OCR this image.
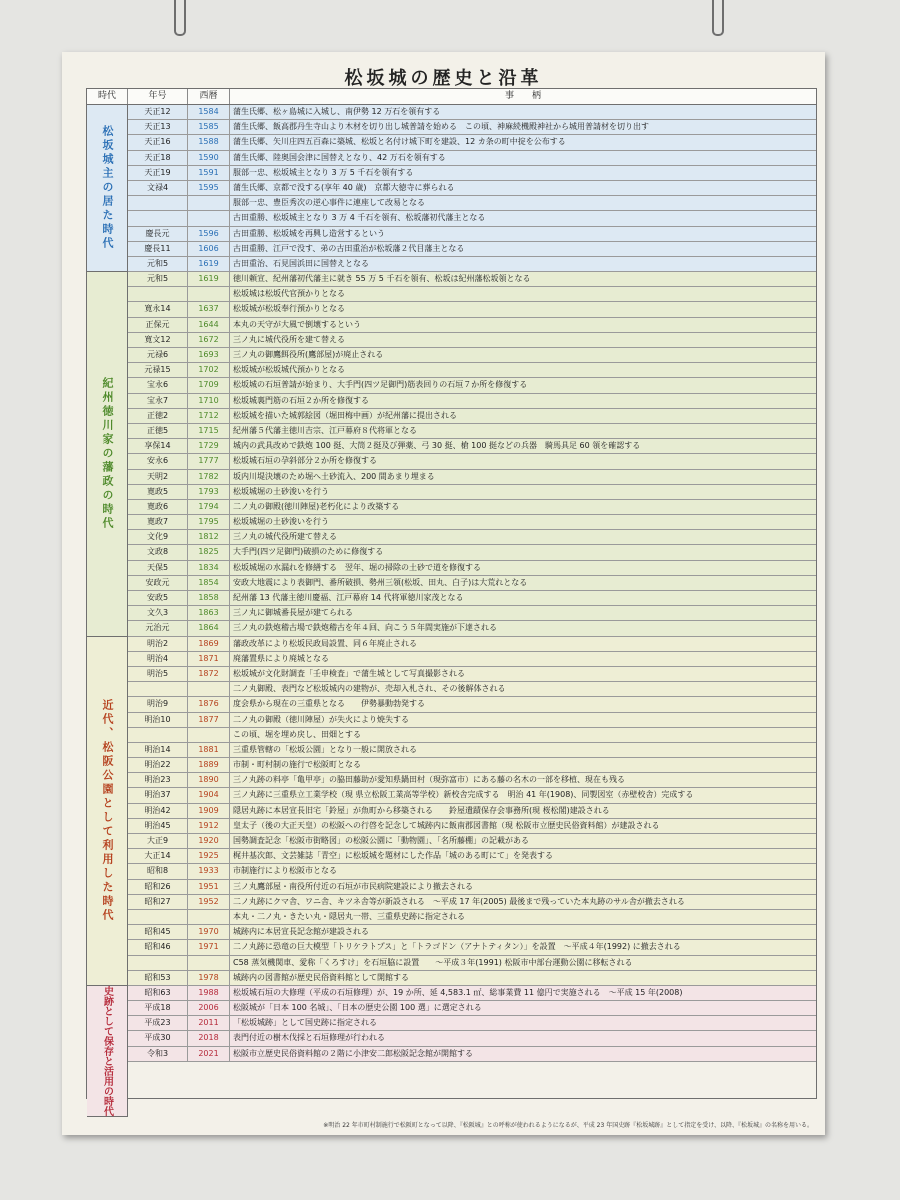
松坂城の歴史と沿革
時代	年号	西暦	事　　柄
松坂城主の居た時代
天正12	1584	蒲生氏郷、松ヶ島城に入城し、南伊勢 12 万石を領有する
天正13	1585	蒲生氏郷、飯高郡丹生寺山より木材を切り出し城普請を始める　この頃、神麻続機殿神社から城用普請材を切り出す
天正16	1588	蒲生氏郷、矢川庄四五百森に築城、松坂と名付け城下町を建設、12 カ条の町中掟を公布する
天正18	1590	蒲生氏郷、陸奥国会津に国替えとなり、42 万石を領有する
天正19	1591	服部一忠、松坂城主となり 3 万 5 千石を領有する
文禄4	1595	蒲生氏郷、京都で没する(享年 40 歳)　京都大徳寺に葬られる
服部一忠、豊臣秀次の逆心事件に連座して改易となる
古田重勝、松坂城主となり 3 万 4 千石を領有、松坂藩初代藩主となる
慶長元	1596	古田重勝、松坂城を再興し造営するという
慶長11	1606	古田重勝、江戸で没す、弟の古田重治が松坂藩２代目藩主となる
元和5	1619	古田重治、石見国浜田に国替えとなる
紀州徳川家の藩政の時代
元和5	1619	徳川頼宣、紀州藩初代藩主に就き 55 万 5 千石を領有、松坂は紀州藩松坂領となる
松坂城は松坂代官預かりとなる
寛永14	1637	松坂城が松坂奉行預かりとなる
正保元	1644	本丸の天守が大風で倒壊するという
寛文12	1672	三ノ丸に城代役所を建て替える
元禄6	1693	三ノ丸の御鷹餌役所(鷹部屋)が廃止される
元禄15	1702	松坂城が松坂城代預かりとなる
宝永6	1709	松坂城の石垣普請が始まり、大手門(四ツ足御門)筋表回りの石垣７か所を修復する
宝永7	1710	松坂城裏門筋の石垣２か所を修復する
正徳2	1712	松坂城を描いた城郭絵図（堀田梅中画）が紀州藩に提出される
正徳5	1715	紀州藩５代藩主徳川吉宗、江戸幕府８代将軍となる
享保14	1729	城内の武具改めで鉄炮 100 挺、大筒２挺及び弾薬、弓 30 挺、槍 100 挺などの兵器　騎馬具足 60 領を確認する
安永6	1777	松坂城石垣の孕斜部分２か所を修復する
天明2	1782	坂内川堤決壊のため堀へ土砂流入、200 間あまり埋まる
寛政5	1793	松坂城堀の土砂浚いを行う
寛政6	1794	二ノ丸の御殿(徳川陣屋)老朽化により改築する
寛政7	1795	松坂城堀の土砂浚いを行う
文化9	1812	三ノ丸の城代役所建て替える
文政8	1825	大手門(四ツ足御門)破損のために修復する
天保5	1834	松坂城堀の水漏れを修繕する　翌年、堀の掃除の土砂で道を修復する
安政元	1854	安政大地震により表御門、番所破損、勢州三領(松坂、田丸、白子)は大荒れとなる
安政5	1858	紀州藩 13 代藩主徳川慶福、江戸幕府 14 代将軍徳川家茂となる
文久3	1863	三ノ丸に御城番長屋が建てられる
元治元	1864	三ノ丸の鉄炮稽古場で鉄炮稽古を年４回、向こう５年間実施が下達される
近代、松阪公園として利用した時代
明治2	1869	藩政改革により松坂民政局設置、同６年廃止される
明治4	1871	廃藩置県により廃城となる
明治5	1872	松坂城が文化財調査「壬申検査」で蒲生城として写真撮影される
二ノ丸御殿、表門など松坂城内の建物が、売却入札され、その後解体される
明治9	1876	度会県から現在の三重県となる　　伊勢暴動勃発する
明治10	1877	二ノ丸の御殿（徳川陣屋）が失火により焼失する
この頃、堀を埋め戻し、田畑とする
明治14	1881	三重県管轄の「松坂公園」となり一般に開放される
明治22	1889	市制・町村制の施行で松阪町となる
明治23	1890	三ノ丸跡の料亭「亀甲亭」の脇田藤助が愛知県鍋田村（現弥富市）にある藤の名木の一部を移植、現在も残る
明治37	1904	三ノ丸跡に三重県立工業学校（現 県立松阪工業高等学校）新校舎完成する　明治 41 年(1908)、同製図室（赤壁校舎）完成する
明治42	1909	隠居丸跡に本居宣長旧宅「鈴屋」が魚町から移築される　　鈴屋遺蹟保存会事務所(現 桜松閣)建設される
明治45	1912	皇太子（後の大正天皇）の松阪への行啓を記念して城跡内に飯南郡図書館（現 松阪市立歴史民俗資料館）が建設される
大正9	1920	国勢調査記念「松阪市街略図」の松阪公園に「動物園」、「名所藤棚」の記載がある
大正14	1925	梶井基次郎、文芸雑誌「青空」に松坂城を題材にした作品「城のある町にて」を発表する
昭和8	1933	市制施行により松阪市となる
昭和26	1951	三ノ丸鷹部屋・南役所付近の石垣が市民病院建設により撤去される
昭和27	1952	二ノ丸跡にクマ舎、ワニ舎、キツネ舎等が新設される　～平成 17 年(2005) 最後まで残っていた本丸跡のサル舎が撤去される
本丸・二ノ丸・きたい丸・隠居丸一帯、三重県史跡に指定される
昭和45	1970	城跡内に本居宣長記念館が建設される
昭和46	1971	二ノ丸跡に恐竜の巨大模型「トリケラトプス」と「トラゴドン（アナトティタン）」を設置　～平成４年(1992) に撤去される
C58 蒸気機関車、愛称「くろすけ」を石垣脇に設置　　～平成３年(1991) 松阪市中部台運動公園に移転される
昭和53	1978	城跡内の図書館が歴史民俗資料館として開館する
史跡として保存と活用の時代	昭和63	1988	松坂城石垣の大修理（平成の石垣修理）が、19 か所、延 4,583.1 ㎡、総事業費 11 億円で実施される　～平成 15 年(2008)
平成18	2006	松阪城が「日本 100 名城」、「日本の歴史公園 100 選」に選定される
平成23	2011	「松坂城跡」として国史跡に指定される
平成30	2018	表門付近の樹木伐採と石垣修理が行われる
令和3	2021	松阪市立歴史民俗資料館の２階に小津安二郎松阪記念館が開館する
※明治 22 年市町村制施行で松阪町となって以降、『松阪城』との呼称が使われるようになるが、平成 23 年国史跡『松坂城跡』として指定を受け、以降、『松坂城』の名称を用いる。
